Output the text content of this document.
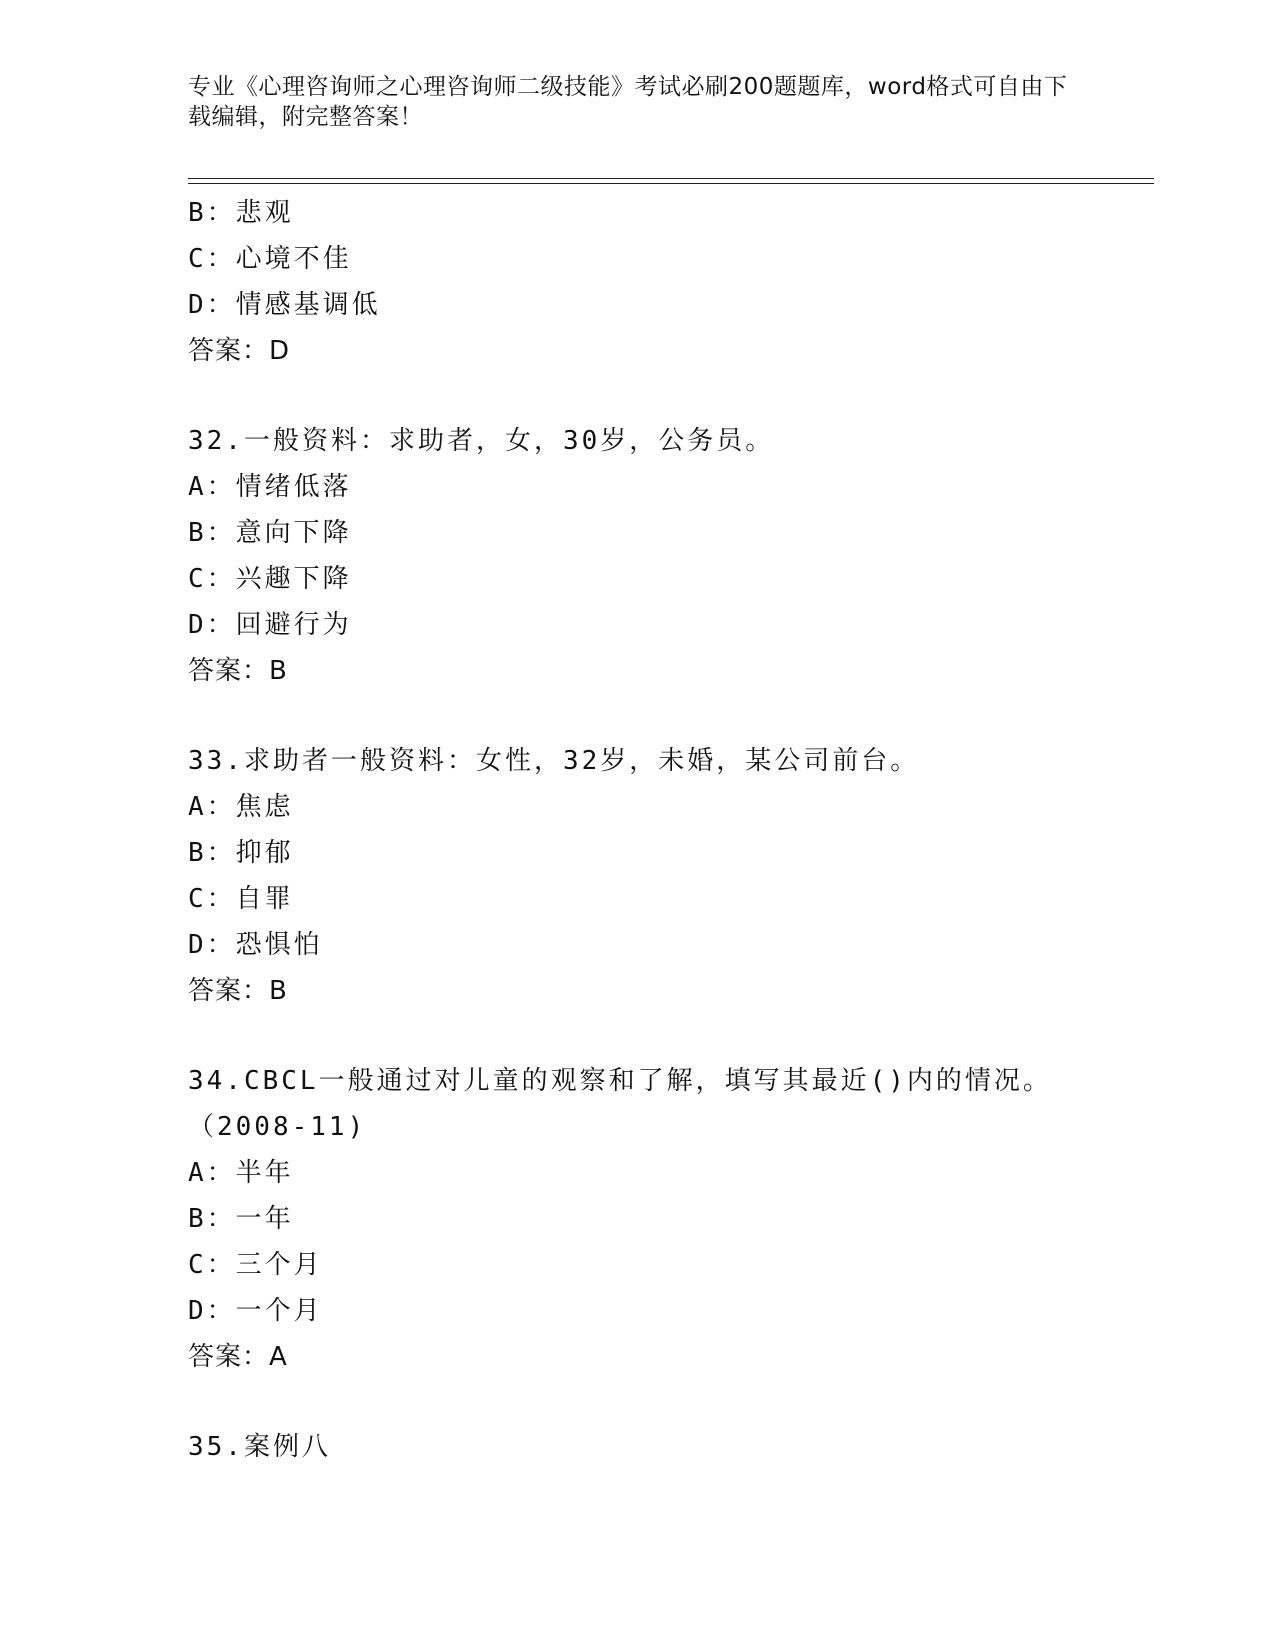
专业《心理咨询师之心理咨询师二级技能》考试必刷200题题库，word格式可自由下载编辑，附完整答案！
B：悲观
C：心境不佳
D：情感基调低
答案：D
32.一般资料：求助者，女，30岁，公务员。
A：情绪低落
B：意向下降
C：兴趣下降
D：回避行为
答案：B
33.求助者一般资料：女性，32岁，未婚，某公司前台。
A：焦虑
B：抑郁
C：自罪
D：恐惧怕
答案：B
34.CBCL一般通过对儿童的观察和了解，填写其最近()内的情况。（2008-11)
A：半年
B：一年
C：三个月
D：一个月
答案：A
35.案例八
